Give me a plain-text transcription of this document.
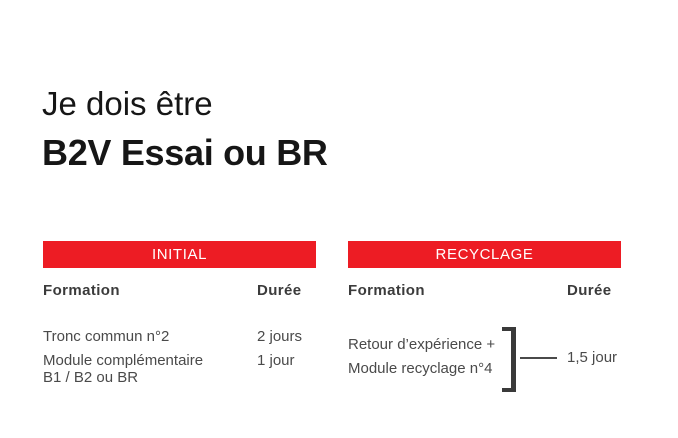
Je dois être
B2V Essai ou BR
INITIAL
Formation	Durée
Tronc commun n°2	2 jours
Module complémentaire
B1 / B2 ou BR
1 jour
RECYCLAGE
Formation	Durée
Retour d’expérience +
Module recyclage n°4
1,5 jour
